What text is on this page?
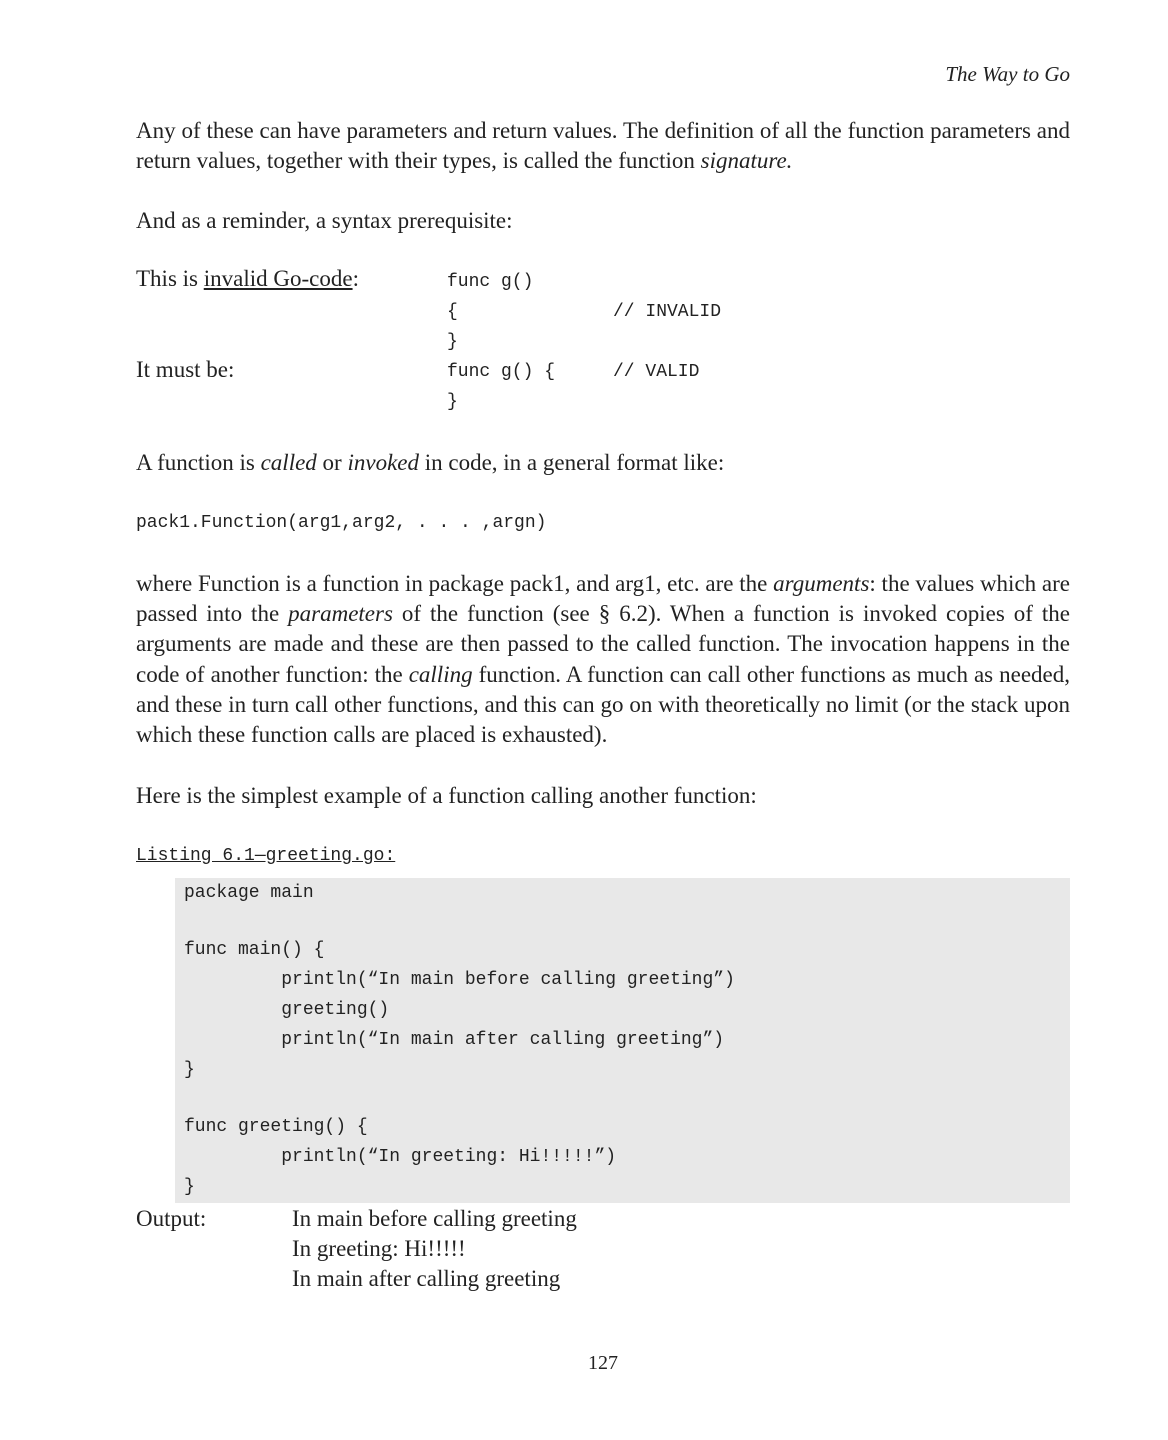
The Way to Go
Any of these can have parameters and return values. The definition of all the function parameters and return values, together with their types, is called the function signature.
And as a reminder, a syntax prerequisite:
This is invalid Go-code:	func g()
{	// INVALID
}
It must be:	func g() {	// VALID
}
A function is called or invoked in code, in a general format like:
pack1.Function(arg1,arg2, . . . ,argn)
where Function is a function in package pack1, and arg1, etc. are the arguments: the values which are passed into the parameters of the function (see § 6.2). When a function is invoked copies of the arguments are made and these are then passed to the called function. The invocation happens in the code of another function: the calling function. A function can call other functions as much as needed, and these in turn call other functions, and this can go on with theoretically no limit (or the stack upon which these function calls are placed is exhausted).
Here is the simplest example of a function calling another function:
Listing 6.1—greeting.go:
package main
func main() {
println(“In main before calling greeting”)
greeting()
println(“In main after calling greeting”)
}
func greeting() {
println(“In greeting: Hi!!!!!”)
}
Output:	In main before calling greeting
In greeting: Hi!!!!!
In main after calling greeting
127
